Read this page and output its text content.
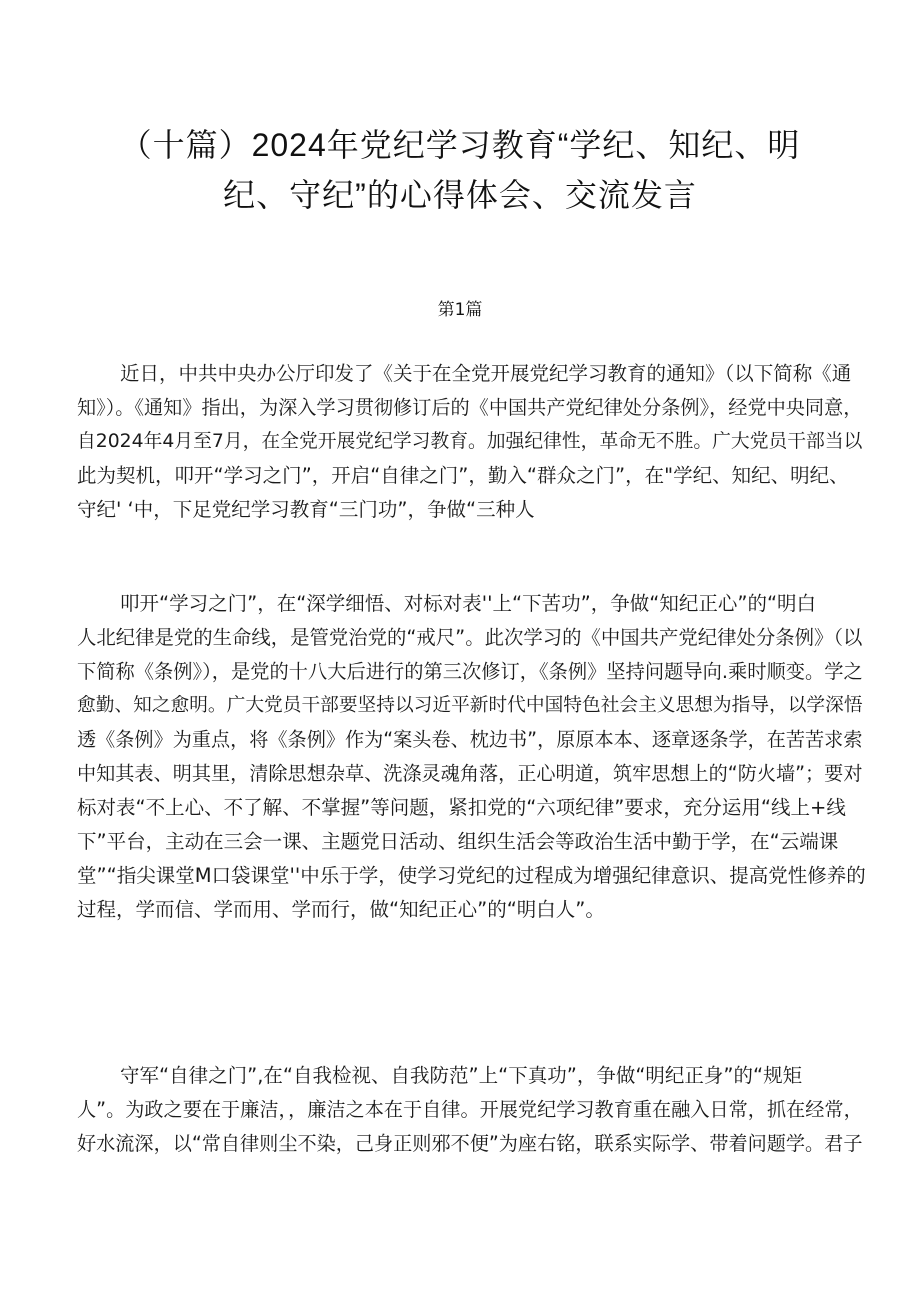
（十篇）2024年党纪学习教育“学纪、知纪、明
纪、守纪”的心得体会、交流发言
第1篇
近日，中共中央办公厅印发了《关于在全党开展党纪学习教育的通知》（以下简称《通
知》）。《通知》指出，为深入学习贯彻修订后的《中国共产党纪律处分条例》，经党中央同意，
自2024年4月至7月，在全党开展党纪学习教育。加强纪律性，革命无不胜。广大党员干部当以
此为契机，叩开“学习之门”，开启“自律之门”，勤入“群众之门”，在"学纪、知纪、明纪、
守纪' ‘中，下足党纪学习教育“三门功”，争做“三种人
叩开“学习之门”，在“深学细悟、对标对表''上“下苦功”，争做“知纪正心”的“明白
人北纪律是党的生命线，是管党治党的“戒尺”。此次学习的《中国共产党纪律处分条例》（以
下简称《条例》），是党的十八大后进行的第三次修订，《条例》坚持问题导向.乘时顺变。学之
愈勤、知之愈明。广大党员干部要坚持以习近平新时代中国特色社会主义思想为指导，以学深悟
透《条例》为重点，将《条例》作为“案头卷、枕边书”，原原本本、逐章逐条学，在苦苦求索
中知其表、明其里，清除思想杂草、洗涤灵魂角落，正心明道，筑牢思想上的“防火墙”；要对
标对表“不上心、不了解、不掌握”等问题，紧扣党的“六项纪律”要求，充分运用“线上+线
下”平台，主动在三会一课、主题党日活动、组织生活会等政治生活中勤于学，在“云端课
堂”“指尖课堂M口袋课堂''中乐于学，使学习党纪的过程成为增强纪律意识、提高党性修养的
过程，学而信、学而用、学而行，做“知纪正心”的“明白人”。
守军“自律之门”,在“自我检视、自我防范”上“下真功”，争做“明纪正身”的“规矩
人”。为政之要在于廉洁，，廉洁之本在于自律。开展党纪学习教育重在融入日常，抓在经常，
好水流深，以“常自律则尘不染，己身正则邪不便”为座右铭，联系实际学、带着问题学。君子
